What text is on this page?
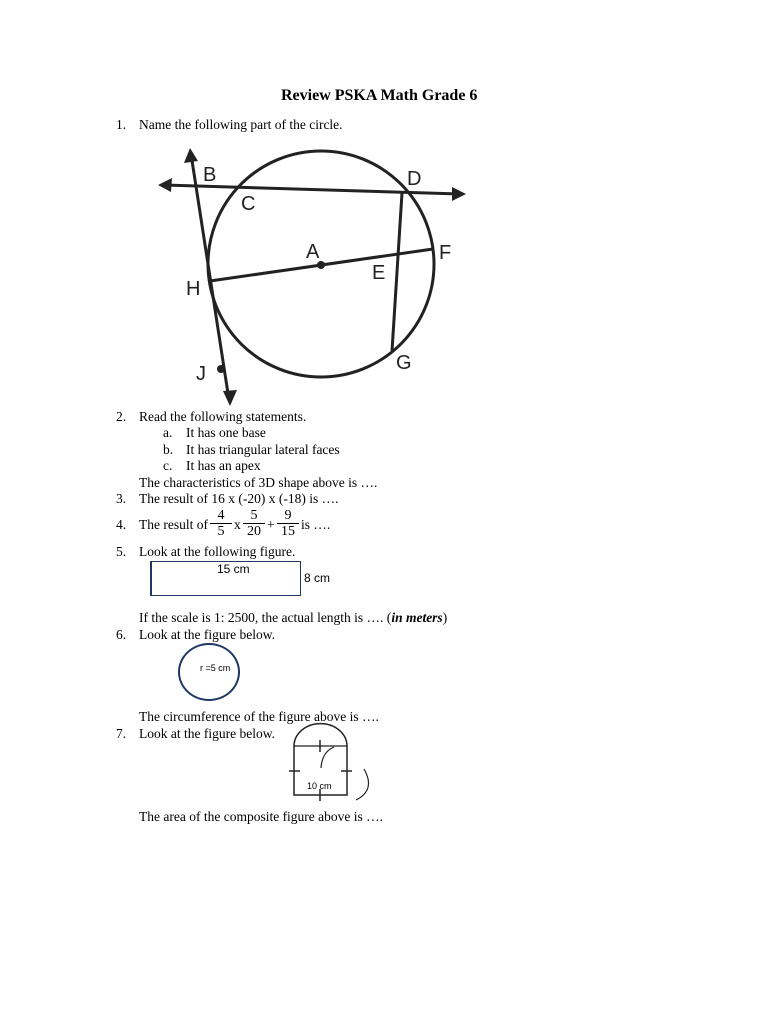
Review PSKA Math Grade 6
1. Name the following part of the circle.
B
C
D
A	F
E
H
J	G
2. Read the following statements.
a. It has one base
b. It has triangular lateral faces
c. It has an apex
The characteristics of 3D shape above is ….
3. The result of 16 x (-20) x (-18) is ….
4. The result of $\frac{4}{5}$ x $\frac{5}{20} + \frac{9}{15}$ is ….
5. Look at the following figure.
15 cm
8 cm
If the scale is 1: 2500, the actual length is …. (in meters)
6. Look at the figure below.
r =5 cm
The circumference of the figure above is ….
7. Look at the figure below.
10 cm
The area of the composite figure above is ….
